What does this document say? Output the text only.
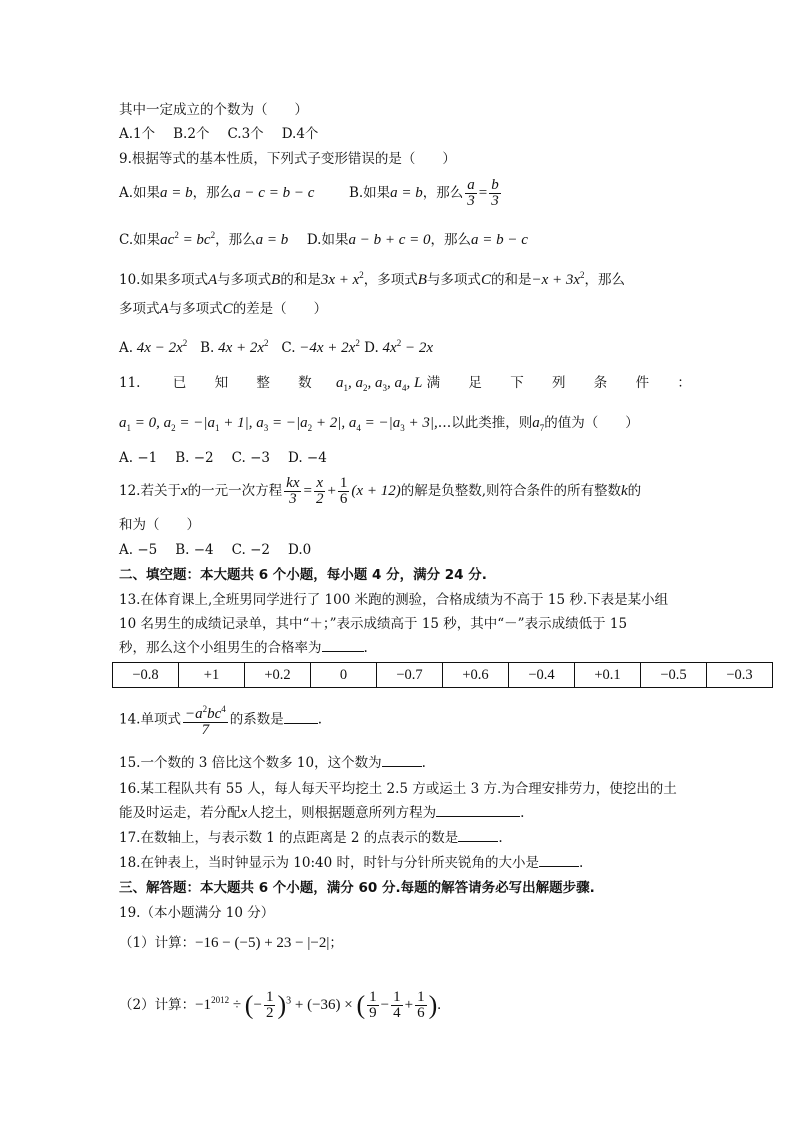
其中一定成立的个数为（　　）
A.1个 B.2个 C.3个 D.4个
9.根据等式的基本性质，下列式子变形错误的是（　　）
A.如果a = b，那么a − c = b − c	B.如果a = b，那么 $\frac{a}{3} = \frac{b}{3}$
C.如果$ac^2 = bc^2$，那么a = b D.如果a − b + c = 0，那么a = b − c
10.如果多项式A与多项式B的和是$3x + x^2$，多项式B与多项式C的和是$-x + 3x^2$，那么
多项式A与多项式C的差是（　　）
A. $4x - 2x^2$ B. $4x + 2x^2$ C. $-4x + 2x^2$ D. $4x^2 - 2x$
11. 已 知 整 数 $a_1$, $a_2$, $a_3$, $a_4$, L 满 足 下 列 条 件 ：
$a_1 = 0$, $a_2 = -|a_1 + 1|$, $a_3 = -|a_2 + 2|$, $a_4 = -|a_3$ + 3|,…以此类推，则$a_7$的值为（　　）
A. −1 B. −2 C. −3 D. −4
12.若关于x的一元一次方程 $\frac{kx}{3} = \frac{x}{2} + \frac{1}{6} (x + 12)$的解是负整数,则符合条件的所有整数k的
和为（　　）
A. −5 B. −4 C. −2 D.0
二、填空题：本大题共 6 个小题，每小题 4 分，满分 24 分.
13.在体育课上,全班男同学进行了 100 米跑的测验，合格成绩为不高于 15 秒.下表是某小组
10 名男生的成绩记录单，其中“＋；”表示成绩高于 15 秒，其中“－”表示成绩低于 15
秒，那么这个小组男生的合格率为	.
−0.8	+1	+0.2	0	−0.7	+0.6	−0.4	+0.1	−0.5	−0.3
14.单项式 $\frac{-a^2bc^4}{7}$ 的系数是	.
15.一个数的 3 倍比这个数多 10，这个数为	.
16.某工程队共有 55 人，每人每天平均挖土 2.5 方或运土 3 方.为合理安排劳力，使挖出的土
能及时运走，若分配x人挖土，则根据题意所列方程为	.
17.在数轴上，与表示数 1 的点距离是 2 的点表示的数是	.
18.在钟表上，当时钟显示为 10:40 时，时针与分针所夹锐角的大小是	.
三、解答题：本大题共 6 个小题，满分 60 分.每题的解答请务必写出解题步骤.
19.（本小题满分 10 分）
（1）计算：−16 − (−5) + 23 − |−2|；
（2）计算：$-1^{2012}$ ÷ (− $\frac{1}{2} )^3 + (-36)$ × ( $\frac{1}{9} - \frac{1}{4} + \frac{1}{6}$ ).
